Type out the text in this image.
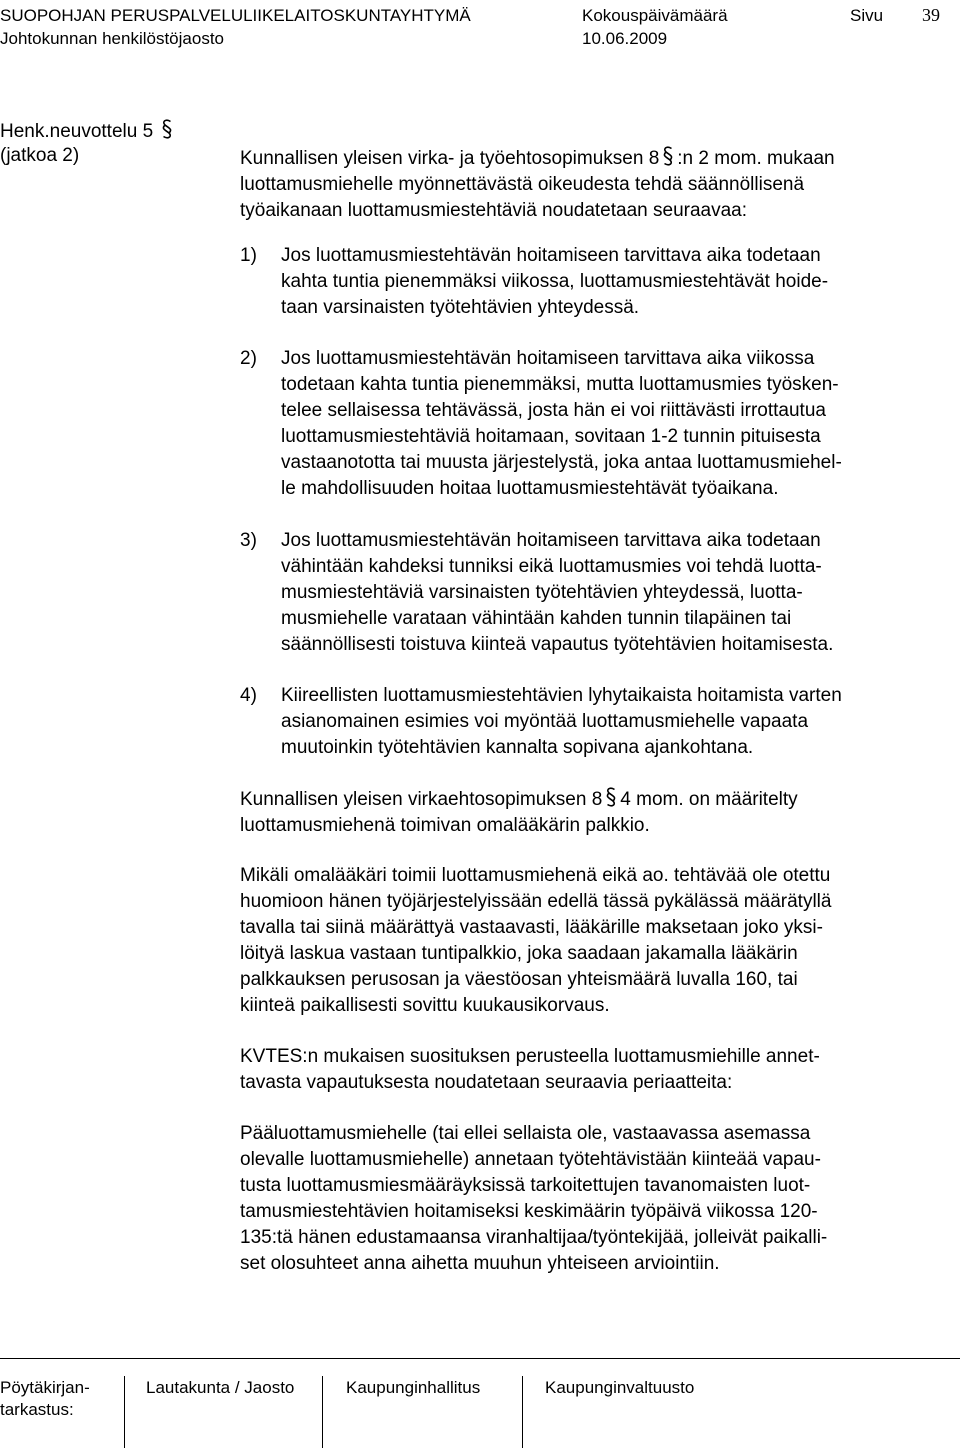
SUOPOHJAN PERUSPALVELULIIKELAITOSKUNTAYHTYMÄ	Kokouspäivämäärä	Sivu 39
Johtokunnan henkilöstöjaosto	10.06.2009
Henk.neuvottelu 5
(jatkoa 2)	Kunnallisen yleisen virka- ja työehtosopimuksen 8 :n 2 mom. mukaan
luottamusmiehelle myönnettävästä oikeudesta tehdä säännöllisenä
työaikanaan luottamusmiestehtäviä noudatetaan seuraavaa:
1) Jos luottamusmiestehtävän hoitamiseen tarvittava aika todetaan
kahta tuntia pienemmäksi viikossa, luottamusmiestehtävät hoide-
taan varsinaisten työtehtävien yhteydessä.
2) Jos luottamusmiestehtävän hoitamiseen tarvittava aika viikossa
todetaan kahta tuntia pienemmäksi, mutta luottamusmies työsken-
telee sellaisessa tehtävässä, josta hän ei voi riittävästi irrottautua
luottamusmiestehtäviä hoitamaan, sovitaan 1-2 tunnin pituisesta
vastaanototta tai muusta järjestelystä, joka antaa luottamusmiehel-
le mahdollisuuden hoitaa luottamusmiestehtävät työaikana.
3) Jos luottamusmiestehtävän hoitamiseen tarvittava aika todetaan
vähintään kahdeksi tunniksi eikä luottamusmies voi tehdä luotta-
musmiestehtäviä varsinaisten työtehtävien yhteydessä, luotta-
musmiehelle varataan vähintään kahden tunnin tilapäinen tai
säännöllisesti toistuva kiinteä vapautus työtehtävien hoitamisesta.
4) Kiireellisten luottamusmiestehtävien lyhytaikaista hoitamista varten
asianomainen esimies voi myöntää luottamusmiehelle vapaata
muutoinkin työtehtävien kannalta sopivana ajankohtana.
Kunnallisen yleisen virkaehtosopimuksen 8 4 mom. on määritelty
luottamusmiehenä toimivan omalääkärin palkkio.
Mikäli omalääkäri toimii luottamusmiehenä eikä ao. tehtävää ole otettu
huomioon hänen työjärjestelyissään edellä tässä pykälässä määrätyllä
tavalla tai siinä määrättyä vastaavasti, lääkärille maksetaan joko yksi-
löityä laskua vastaan tuntipalkkio, joka saadaan jakamalla lääkärin
palkkauksen perusosan ja väestöosan yhteismäärä luvalla 160, tai
kiinteä paikallisesti sovittu kuukausikorvaus.
KVTES:n mukaisen suosituksen perusteella luottamusmiehille annet-
tavasta vapautuksesta noudatetaan seuraavia periaatteita:
Pääluottamusmiehelle (tai ellei sellaista ole, vastaavassa asemassa
olevalle luottamusmiehelle) annetaan työtehtävistään kiinteää vapau-
tusta luottamusmiesmääräyksissä tarkoitettujen tavanomaisten luot-
tamusmiestehtävien hoitamiseksi keskimäärin työpäivä viikossa 120-
135:tä hänen edustamaansa viranhaltijaa/työntekijää, jolleivät paikalli-
set olosuhteet anna aihetta muuhun yhteiseen arviointiin.
Pöytäkirjan-
tarkastus:
Lautakunta / Jaosto	Kaupunginhallitus	Kaupunginvaltuusto
